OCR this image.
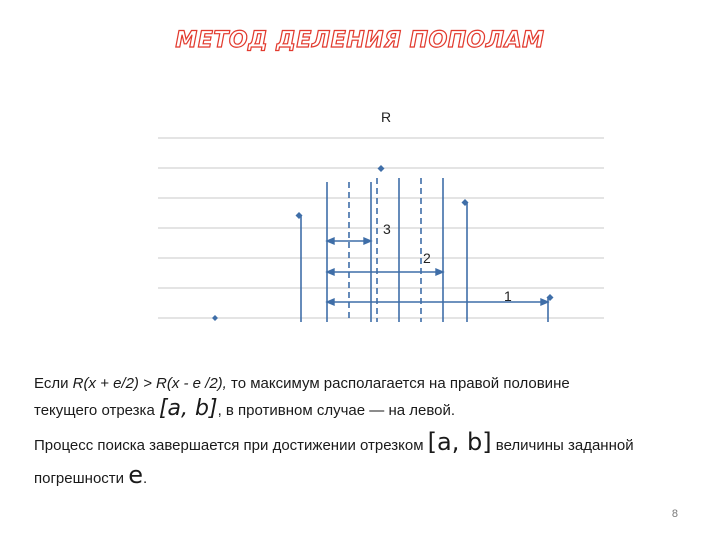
МЕТОД ДЕЛЕНИЯ ПОПОЛАМ
R
3
2
1
Если R(x + e/2) > R(x - e /2), то максимум располагается на правой половине
текущего отрезка [a, b], в противном случае — на левой.
Процесс поиска завершается при достижении отрезком [a, b] величины заданной
погрешности e.
8
